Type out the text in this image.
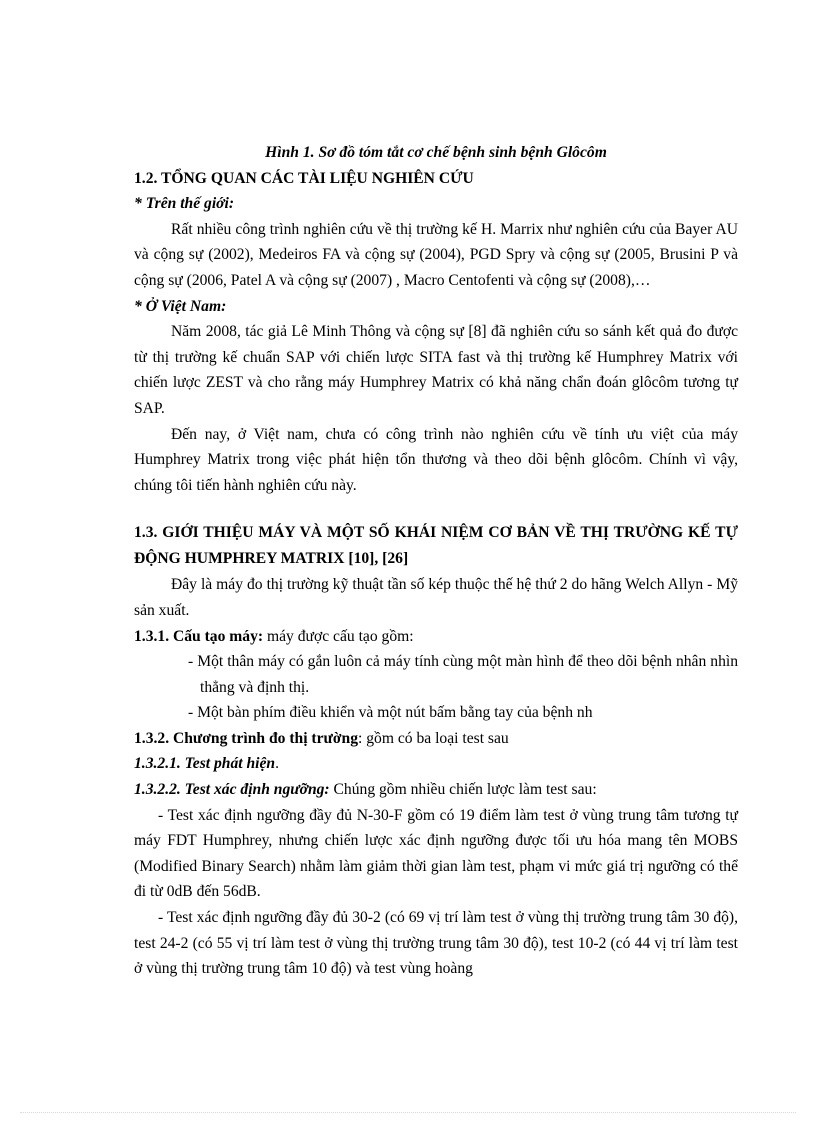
Hình 1. Sơ đồ tóm tắt cơ chế bệnh sinh bệnh Glôcôm

1.2. TỔNG QUAN CÁC TÀI LIỆU NGHIÊN CỨU

* Trên thế giới:

Rất nhiều công trình nghiên cứu về thị trường kế H. Marrix như nghiên cứu của Bayer AU và cộng sự (2002), Medeiros FA và cộng sự (2004), PGD Spry và cộng sự (2005, Brusini P và cộng sự (2006, Patel A và cộng sự (2007) , Macro Centofenti và cộng sự (2008),…

* Ở Việt Nam:

Năm 2008, tác giả Lê Minh Thông và cộng sự [8] đã nghiên cứu so sánh kết quả đo được từ thị trường kế chuẩn SAP với chiến lược SITA fast và thị trường kế Humphrey Matrix với chiến lược ZEST và cho rằng máy Humphrey Matrix có khả năng chẩn đoán glôcôm tương tự SAP.

Đến nay, ở Việt nam, chưa có công trình nào nghiên cứu về tính ưu việt của máy Humphrey Matrix trong việc phát hiện tổn thương và theo dõi bệnh glôcôm. Chính vì vậy, chúng tôi tiến hành nghiên cứu này.

1.3. GIỚI THIỆU MÁY VÀ MỘT SỐ KHÁI NIỆM CƠ BẢN VỀ THỊ TRƯỜNG KẾ TỰ ĐỘNG HUMPHREY MATRIX [10], [26]

Đây là máy đo thị trường kỹ thuật tần số kép thuộc thế hệ thứ 2 do hãng Welch Allyn - Mỹ sản xuất.

1.3.1. Cấu tạo máy: máy được cấu tạo gồm:

- Một thân máy có gắn luôn cả máy tính cùng một màn hình để theo dõi bệnh nhân nhìn thẳng và định thị.

- Một bàn phím điều khiển và một nút bấm bằng tay của bệnh nh

1.3.2. Chương trình đo thị trường: gồm có ba loại test sau

1.3.2.1. Test phát hiện.

1.3.2.2. Test xác định ngưỡng: Chúng gồm nhiều chiến lược làm test sau:

- Test xác định ngưỡng đầy đủ N-30-F gồm có 19 điểm làm test ở vùng trung tâm tương tự máy FDT Humphrey, nhưng chiến lược xác định ngưỡng được tối ưu hóa mang tên MOBS (Modified Binary Search) nhằm làm giảm thời gian làm test, phạm vi mức giá trị ngưỡng có thể đi từ 0dB đến 56dB.

- Test xác định ngưỡng đầy đủ 30-2 (có 69 vị trí làm test ở vùng thị trường trung tâm 30 độ), test 24-2 (có 55 vị trí làm test ở vùng thị trường trung tâm 30 độ), test 10-2 (có 44 vị trí làm test ở vùng thị trường trung tâm 10 độ) và test vùng hoàng
